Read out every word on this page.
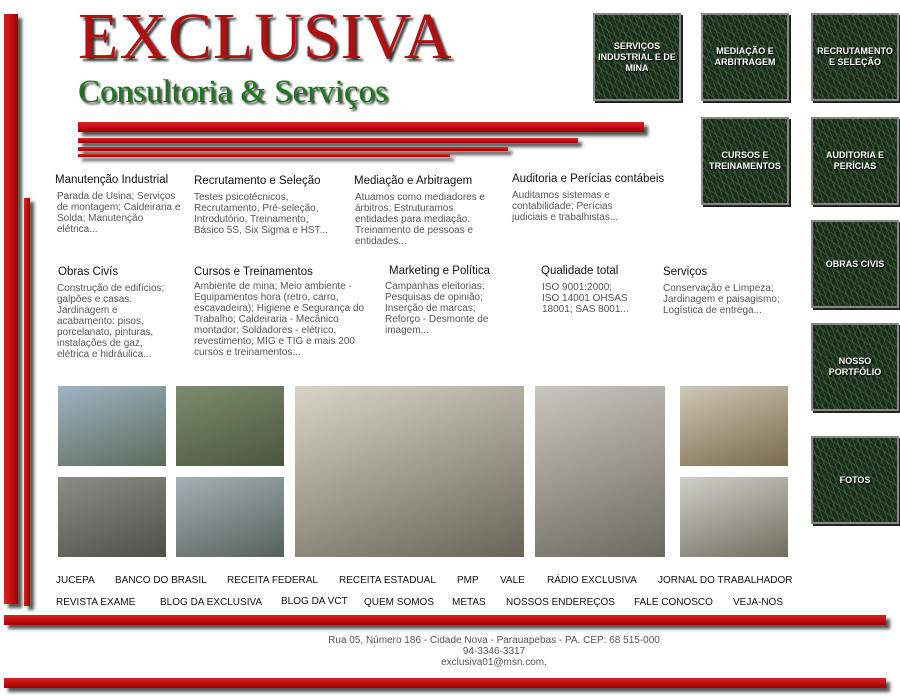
EXCLUSIVA
Consultoria & Serviços
SERVIÇOS INDUSTRIAL E DE MINA
MEDIAÇÃO E ARBITRAGEM
RECRUTAMENTO E SELEÇÃO
CURSOS E TREINAMENTOS
AUDITORIA E PERÍCIAS
OBRAS CIVIS
NOSSO PORTFÓLIO
FOTOS
Manutenção Industrial
Parada de Usina; Serviços de montagem; Caldeiraria e Solda; Manutenção elétrica...
Recrutamento e Seleção
Testes psicotécnicos, Recrutamento, Pré-seleção, Introdutório, Treinamento, Básico 5S, Six Sigma e HST...
Mediação e Arbitragem
Atuamos como mediadores e árbitros. Estruturamos entidades para mediação. Treinamento de pessoas e entidades...
Auditoria e Perícias contábeis
Auditamos sistemas e contabilidade; Perícias judiciais e trabalhistas...
Obras Civís
Construção de edifícios; galpões e casas. Jardinagem e acabamento: pisos, porcelanato, pinturas, instalações de gaz, elétrica e hidráulica...
Cursos e Treinamentos
Ambiente de mina; Meio ambiente - Equipamentos hora (retro, carro, escavadeira); Higiene e Segurança do Trabalho; Caldeiraria - Mecânico montador; Soldadores - elétrico, revestimento, MIG e TIG e mais 200 cursos e treinamentos...
Marketing e Política
Campanhas eleitorias; Pesquisas de opinião; Inserção de marcas; Reforço - Desmonte de imagem...
Qualidade total
ISO 9001:2000; ISO 14001 OHSAS 18001; SAS 8001...
Serviços
Conservação e Limpeza; Jardinagem e paisagismo; Logística de entrega...
JUCEPA BANCO DO BRASIL RECEITA FEDERAL RECEITA ESTADUAL PMP VALE RÁDIO EXCLUSIVA JORNAL DO TRABALHADOR
REVISTA EXAME BLOG DA EXCLUSIVA BLOG DA VCT QUEM SOMOS METAS NOSSOS ENDEREÇOS FALE CONOSCO VEJA-NOS
Rua 05, Número 186 - Cidade Nova - Parauapebas - PA. CEP: 68 515-000
94-3346-3317
exclusiva01@msn.com.
